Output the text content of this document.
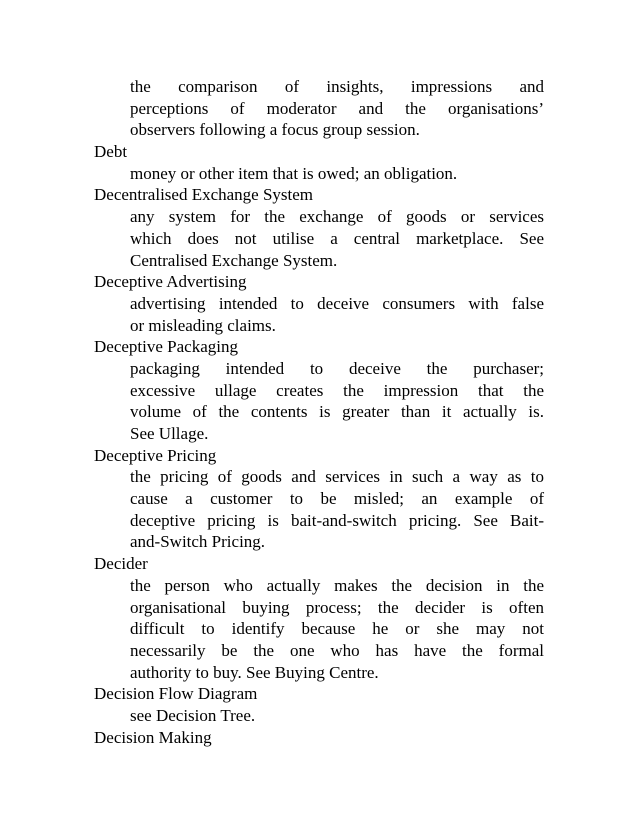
the comparison of insights, impressions and
perceptions of moderator and the organisations’
observers following a focus group session.
Debt
money or other item that is owed; an obligation.
Decentralised Exchange System
any system for the exchange of goods or services
which does not utilise a central marketplace. See
Centralised Exchange System.
Deceptive Advertising
advertising intended to deceive consumers with false
or misleading claims.
Deceptive Packaging
packaging intended to deceive the purchaser;
excessive ullage creates the impression that the
volume of the contents is greater than it actually is.
See Ullage.
Deceptive Pricing
the pricing of goods and services in such a way as to
cause a customer to be misled; an example of
deceptive pricing is bait-and-switch pricing. See Bait-
and-Switch Pricing.
Decider
the person who actually makes the decision in the
organisational buying process; the decider is often
difficult to identify because he or she may not
necessarily be the one who has have the formal
authority to buy. See Buying Centre.
Decision Flow Diagram
see Decision Tree.
Decision Making
